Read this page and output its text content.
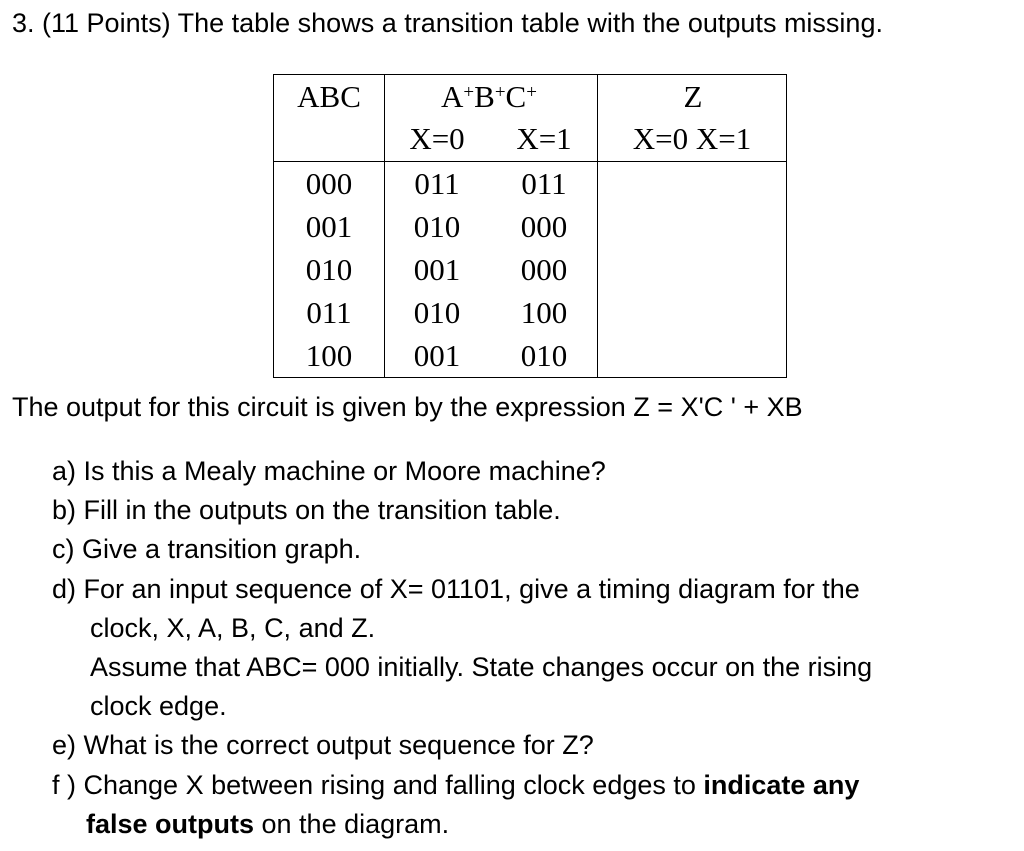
3. (11 Points) The table shows a transition table with the outputs missing.
ABC	A+B+C+	Z
X=0 X=1 X=0 X=1
000 011 011
001 010 000
010 001 000
011 010 100
100 001 010
The output for this circuit is given by the expression Z = X'C ' + XB
a) Is this a Mealy machine or Moore machine?
b) Fill in the outputs on the transition table.
c) Give a transition graph.
d) For an input sequence of X= 01101, give a timing diagram for the
clock, X, A, B, C, and Z.
Assume that ABC= 000 initially. State changes occur on the rising
clock edge.
e) What is the correct output sequence for Z?
f ) Change X between rising and falling clock edges to indicate any
false outputs on the diagram.
